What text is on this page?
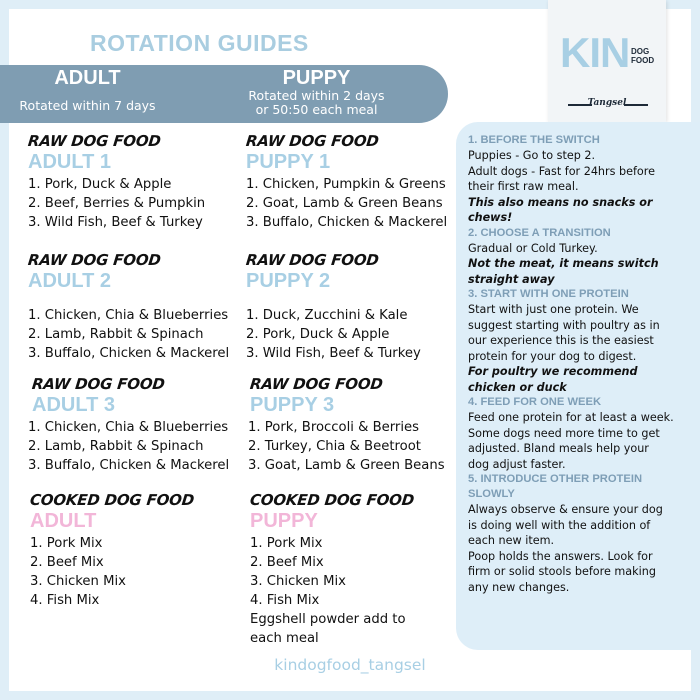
ROTATION GUIDES
ADULT
Rotated within 7 days
PUPPY
Rotated within 2 days
or 50:50 each meal
KIN DOG
FOOD
Tangsel
RAW DOG FOOD
ADULT 1
1. Pork, Duck & Apple
2. Beef, Berries & Pumpkin
3. Wild Fish, Beef & Turkey
RAW DOG FOOD
PUPPY 1
1. Chicken, Pumpkin & Greens
2. Goat, Lamb & Green Beans
3. Buffalo, Chicken & Mackerel
RAW DOG FOOD
ADULT 2
1. Chicken, Chia & Blueberries
2. Lamb, Rabbit & Spinach
3. Buffalo, Chicken & Mackerel
RAW DOG FOOD
PUPPY 2
1. Duck, Zucchini & Kale
2. Pork, Duck & Apple
3. Wild Fish, Beef & Turkey
RAW DOG FOOD
ADULT 3
1. Chicken, Chia & Blueberries
2. Lamb, Rabbit & Spinach
3. Buffalo, Chicken & Mackerel
RAW DOG FOOD
PUPPY 3
1. Pork, Broccoli & Berries
2. Turkey, Chia & Beetroot
3. Goat, Lamb & Green Beans
COOKED DOG FOOD
ADULT
1. Pork Mix
2. Beef Mix
3. Chicken Mix
4. Fish Mix
COOKED DOG FOOD
PUPPY
1. Pork Mix
2. Beef Mix
3. Chicken Mix
4. Fish Mix
Eggshell powder add to
each meal
1. BEFORE THE SWITCH
Puppies - Go to step 2.
Adult dogs - Fast for 24hrs before
their first raw meal.
This also means no snacks or
chews!
2. CHOOSE A TRANSITION
Gradual or Cold Turkey.
Not the meat, it means switch
straight away
3. START WITH ONE PROTEIN
Start with just one protein. We
suggest starting with poultry as in
our experience this is the easiest
protein for your dog to digest.
For poultry we recommend
chicken or duck
4. FEED FOR ONE WEEK
Feed one protein for at least a week.
Some dogs need more time to get
adjusted. Bland meals help your
dog adjust faster.
5. INTRODUCE OTHER PROTEIN
SLOWLY
Always observe & ensure your dog
is doing well with the addition of
each new item.
Poop holds the answers. Look for
firm or solid stools before making
any new changes.
kindogfood_tangsel
